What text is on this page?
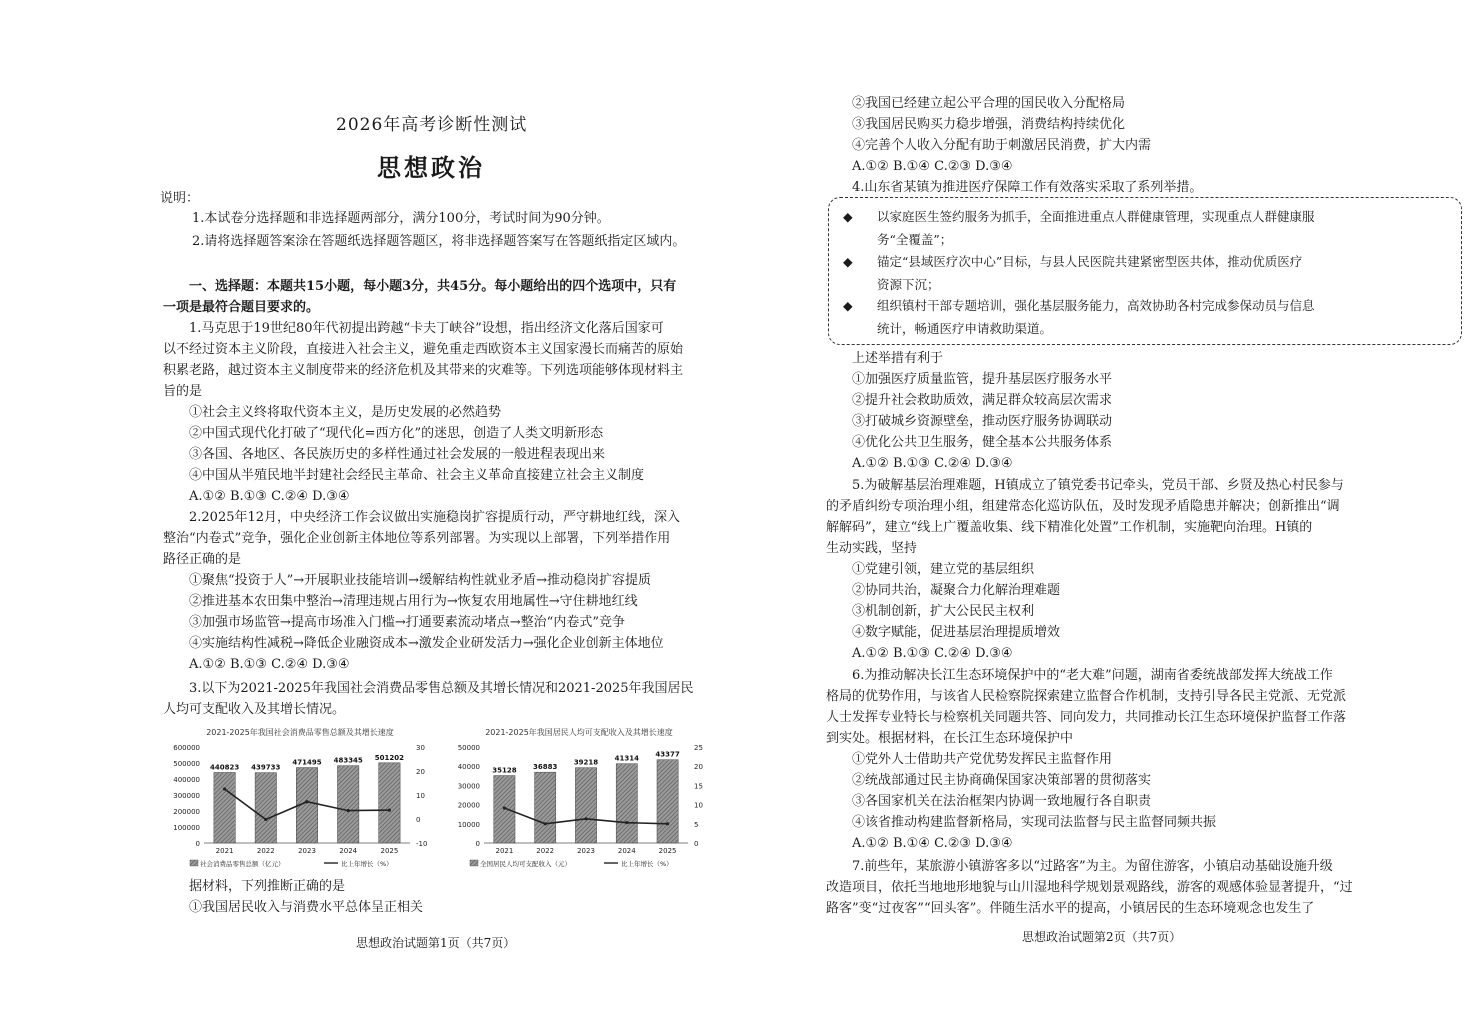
2026年高考诊断性测试
思想政治
说明：
1.本试卷分选择题和非选择题两部分，满分100分，考试时间为90分钟。
2.请将选择题答案涂在答题纸选择题答题区，将非选择题答案写在答题纸指定区域内。
一、选择题：本题共15小题，每小题3分，共45分。每小题给出的四个选项中，只有
一项是最符合题目要求的。

1.马克思于19世纪80年代初提出跨越“卡夫丁峡谷”设想，指出经济文化落后国家可

以不经过资本主义阶段，直接进入社会主义，避免重走西欧资本主义国家漫长而痛苦的原始

积累老路，越过资本主义制度带来的经济危机及其带来的灾难等。下列选项能够体现材料主

旨的是

①社会主义终将取代资本主义，是历史发展的必然趋势

②中国式现代化打破了“现代化=西方化”的迷思，创造了人类文明新形态

③各国、各地区、各民族历史的多样性通过社会发展的一般进程表现出来

④中国从半殖民地半封建社会经民主革命、社会主义革命直接建立社会主义制度

A.①② B.①③ C.②④ D.③④

2.2025年12月，中央经济工作会议做出实施稳岗扩容提质行动，严守耕地红线，深入

整治“内卷式”竞争，强化企业创新主体地位等系列部署。为实现以上部署，下列举措作用

路径正确的是

①聚焦“投资于人”→开展职业技能培训→缓解结构性就业矛盾→推动稳岗扩容提质

②推进基本农田集中整治→清理违规占用行为→恢复农用地属性→守住耕地红线

③加强市场监管→提高市场准入门槛→打通要素流动堵点→整治“内卷式”竞争

④实施结构性减税→降低企业融资成本→激发企业研发活力→强化企业创新主体地位

A.①② B.①③ C.②④ D.③④

3.以下为2021-2025年我国社会消费品零售总额及其增长情况和2021-2025年我国居民

人均可支配收入及其增长情况。

2021-2025年我国社会消费品零售总额及其增长速度
0
100000
200000
300000
400000
500000
600000
-10
0
10
20
30
440823
2021
439733
2022
471495
2023
483345
2024
501202
2025
社会消费品零售总额（亿元）	比上年增长（%）
2021-2025年我国居民人均可支配收入及其增长速度
0
10000
20000
30000
40000
50000
0
5
10
15
20
25
35128
2021
36883
2022
39218
2023
41314
2024
43377
2025
全国居民人均可支配收入（元）	比上年增长（%）

据材料，下列推断正确的是

①我国居民收入与消费水平总体呈正相关

思想政治试题第1页（共7页）

②我国已经建立起公平合理的国民收入分配格局

③我国居民购买力稳步增强，消费结构持续优化

④完善个人收入分配有助于刺激居民消费，扩大内需

A.①② B.①④ C.②③ D.③④

4.山东省某镇为推进医疗保障工作有效落实采取了系列举措。
◆	以家庭医生签约服务为抓手，全面推进重点人群健康管理，实现重点人群健康服
务“全覆盖”；
◆	锚定“县域医疗次中心”目标，与县人民医院共建紧密型医共体，推动优质医疗
资源下沉；
◆	组织镇村干部专题培训，强化基层服务能力，高效协助各村完成参保动员与信息
统计，畅通医疗申请救助渠道。

上述举措有利于

①加强医疗质量监管，提升基层医疗服务水平

②提升社会救助质效，满足群众较高层次需求

③打破城乡资源壁垒，推动医疗服务协调联动

④优化公共卫生服务，健全基本公共服务体系

A.①② B.①③ C.②④ D.③④

5.为破解基层治理难题，H镇成立了镇党委书记牵头，党员干部、乡贤及热心村民参与

的矛盾纠纷专项治理小组，组建常态化巡访队伍，及时发现矛盾隐患并解决；创新推出“调

解解码”，建立“线上广覆盖收集、线下精准化处置”工作机制，实施靶向治理。H镇的

生动实践，坚持

①党建引领，建立党的基层组织

②协同共治，凝聚合力化解治理难题

③机制创新，扩大公民民主权利

④数字赋能，促进基层治理提质增效

A.①② B.①③ C.②④ D.③④

6.为推动解决长江生态环境保护中的“老大难”问题，湖南省委统战部发挥大统战工作

格局的优势作用，与该省人民检察院探索建立监督合作机制，支持引导各民主党派、无党派

人士发挥专业特长与检察机关同题共答、同向发力，共同推动长江生态环境保护监督工作落

到实处。根据材料，在长江生态环境保护中

①党外人士借助共产党优势发挥民主监督作用

②统战部通过民主协商确保国家决策部署的贯彻落实

③各国家机关在法治框架内协调一致地履行各自职责

④该省推动构建监督新格局，实现司法监督与民主监督同频共振

A.①② B.①④ C.②③ D.③④

7.前些年，某旅游小镇游客多以“过路客”为主。为留住游客，小镇启动基础设施升级

改造项目，依托当地地形地貌与山川湿地科学规划景观路线，游客的观感体验显著提升，“过

路客”变“过夜客”“回头客”。伴随生活水平的提高，小镇居民的生态环境观念也发生了

思想政治试题第2页（共7页）
